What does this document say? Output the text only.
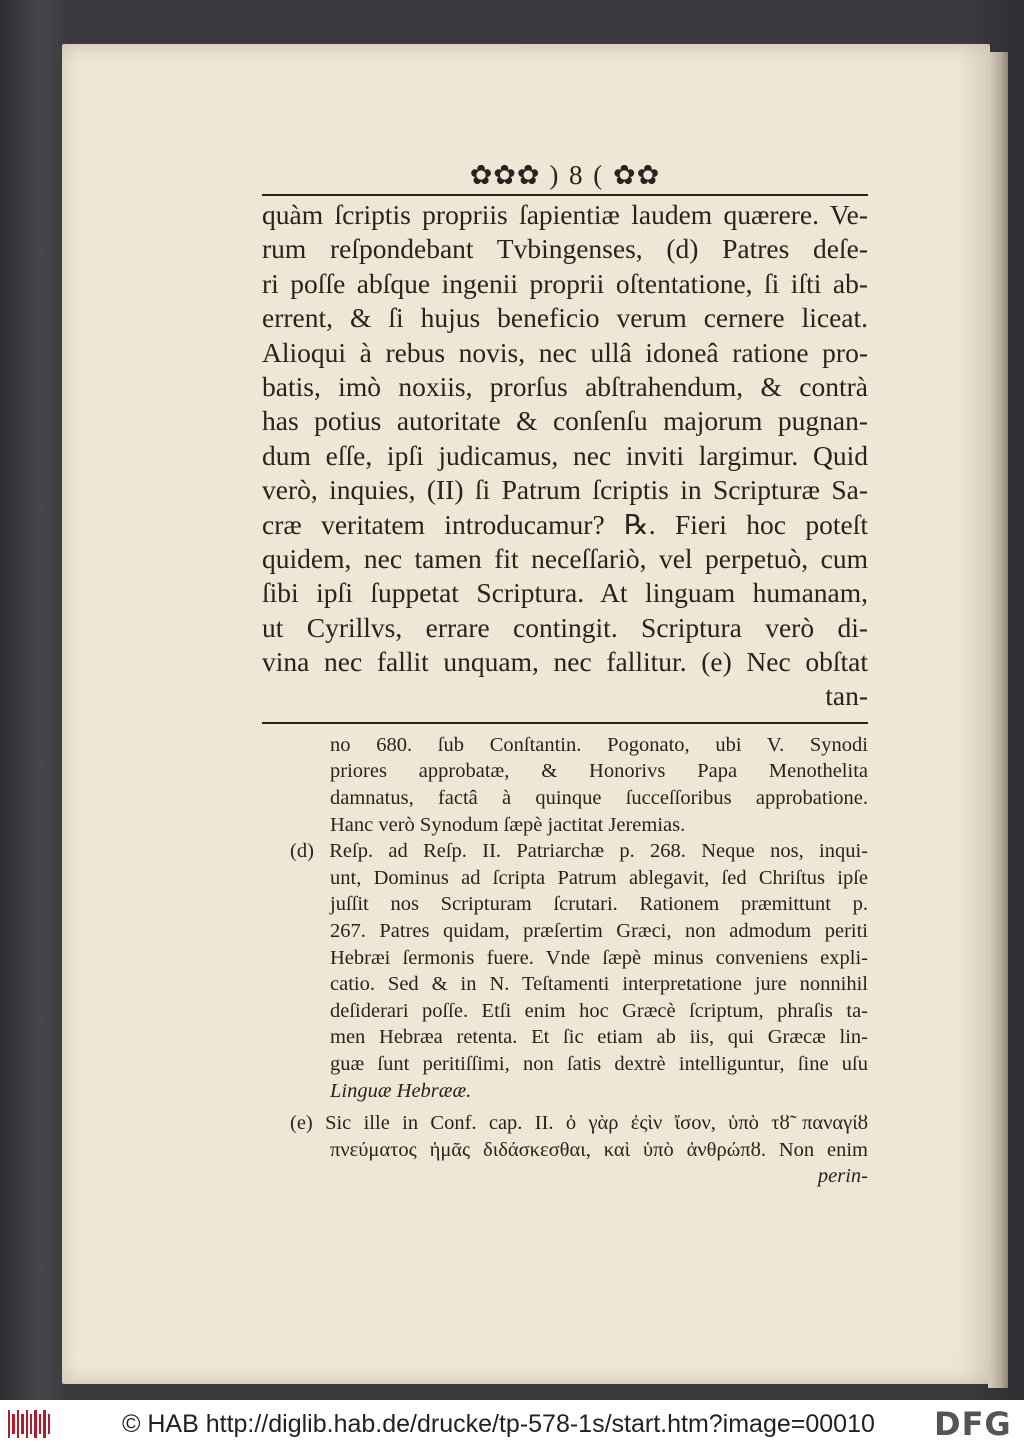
✿✿✿ ) 8 ( ✿✿
quàm ſcriptis propriis ſapientiæ laudem quærere. Ve-
rum reſpondebant Tvbingenses, (d) Patres deſe-
ri poſſe abſque ingenii proprii oſtentatione, ſi iſti ab-
errent, & ſi hujus beneficio verum cernere liceat.
Alioqui à rebus novis, nec ullâ idoneâ ratione pro-
batis, imò noxiis, prorſus abſtrahendum, & contrà
has potius autoritate & conſenſu majorum pugnan-
dum eſſe, ipſi judicamus, nec inviti largimur. Quid
verò, inquies, (II) ſi Patrum ſcriptis in Scripturæ Sa-
cræ veritatem introducamur? ℞. Fieri hoc poteſt
quidem, nec tamen fit neceſſariò, vel perpetuò, cum
ſibi ipſi ſuppetat Scriptura. At linguam humanam,
ut Cyrillvs, errare contingit. Scriptura verò di-
vina nec fallit unquam, nec fallitur. (e) Nec obſtat
tan-
no 680. ſub Conſtantin. Pogonato, ubi V. Synodi
priores approbatæ, & Honorivs Papa Menothelita
damnatus, factâ à quinque ſucceſſoribus approbatione.
Hanc verò Synodum ſæpè jactitat Jeremias.
(d) Reſp. ad Reſp. II. Patriarchæ p. 268. Neque nos, inqui-
unt, Dominus ad ſcripta Patrum ablegavit, ſed Chriſtus ipſe
juſſit nos Scripturam ſcrutari. Rationem præmittunt p.
267. Patres quidam, præſertim Græci, non admodum periti
Hebræi ſermonis fuere. Vnde ſæpè minus conveniens expli-
catio. Sed & in N. Teſtamenti interpretatione jure nonnihil
deſiderari poſſe. Etſi enim hoc Græcè ſcriptum, phraſis ta-
men Hebræa retenta. Et ſic etiam ab iis, qui Græcæ lin-
guæ ſunt peritiſſimi, non ſatis dextrè intelliguntur, ſine uſu
Linguæ Hebrææ.
(e) Sic ille in Conf. cap. II. ὀ γὰρ ἐςὶν ἴσον, ὑπὸ τȣ̃ παναγίȣ
πνεύματος ἡμᾶς διδάσκεσθαι, καὶ ὑπὸ ἀνθρώπȣ. Non enim
perin-
© HAB http://diglib.hab.de/drucke/tp-578-1s/start.htm?image=00010 DFG
